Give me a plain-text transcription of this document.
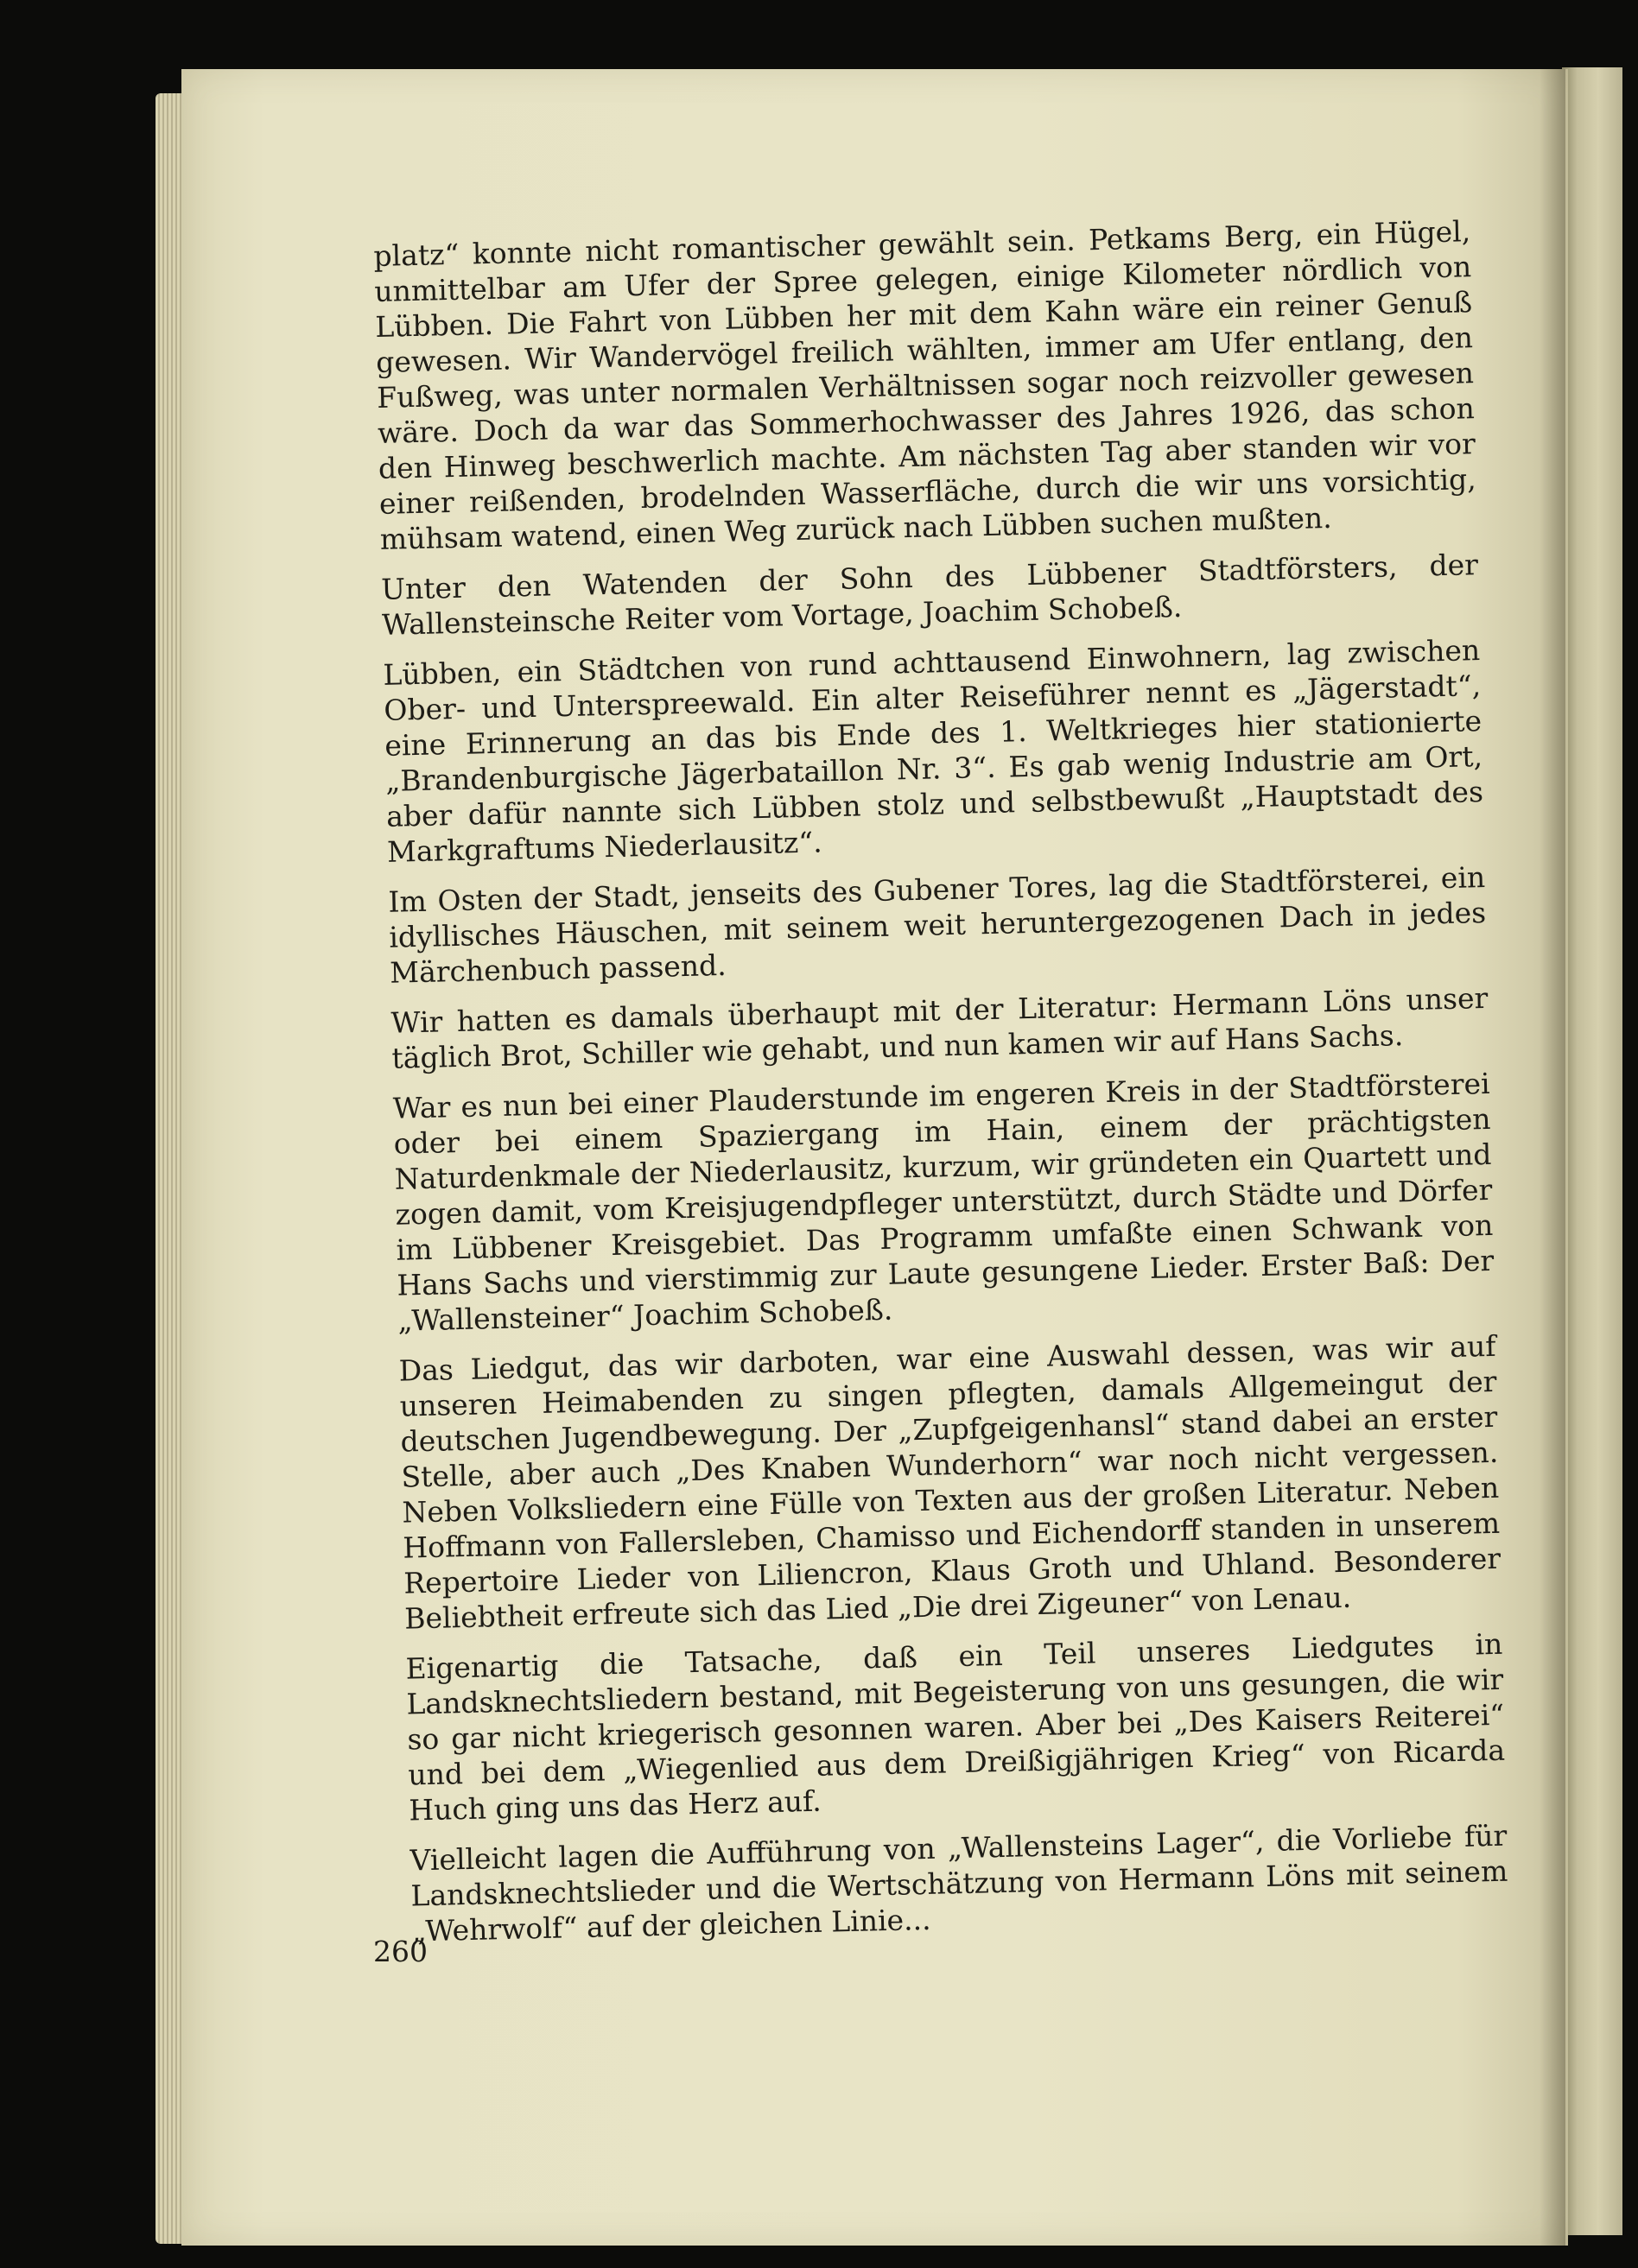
platz“ konnte nicht romantischer gewählt sein. Petkams Berg, ein Hügel, unmittelbar am Ufer der Spree gelegen, einige Kilometer nördlich von Lübben. Die Fahrt von Lübben her mit dem Kahn wäre ein reiner Genuß gewesen. Wir Wandervögel freilich wählten, immer am Ufer entlang, den Fußweg, was unter normalen Verhältnissen sogar noch reizvoller gewesen wäre. Doch da war das Sommerhochwasser des Jahres 1926, das schon den Hinweg beschwerlich machte. Am nächsten Tag aber standen wir vor einer reißenden, brodelnden Wasserfläche, durch die wir uns vorsichtig, mühsam watend, einen Weg zurück nach Lübben suchen mußten.

Unter den Watenden der Sohn des Lübbener Stadtförsters, der Wallensteinsche Reiter vom Vortage, Joachim Schobeß.

Lübben, ein Städtchen von rund achttausend Einwohnern, lag zwischen Ober- und Unterspreewald. Ein alter Reiseführer nennt es „Jägerstadt“, eine Erinnerung an das bis Ende des 1. Weltkrieges hier stationierte „Brandenburgische Jägerbataillon Nr. 3“. Es gab wenig Industrie am Ort, aber dafür nannte sich Lübben stolz und selbstbewußt „Hauptstadt des Markgraftums Niederlausitz“.

Im Osten der Stadt, jenseits des Gubener Tores, lag die Stadtförsterei, ein idyllisches Häuschen, mit seinem weit heruntergezogenen Dach in jedes Märchenbuch passend.

Wir hatten es damals überhaupt mit der Literatur: Hermann Löns unser täglich Brot, Schiller wie gehabt, und nun kamen wir auf Hans Sachs.

War es nun bei einer Plauderstunde im engeren Kreis in der Stadtförsterei oder bei einem Spaziergang im Hain, einem der prächtigsten Naturdenkmale der Niederlausitz, kurzum, wir gründeten ein Quartett und zogen damit, vom Kreisjugendpfleger unterstützt, durch Städte und Dörfer im Lübbener Kreisgebiet. Das Programm umfaßte einen Schwank von Hans Sachs und vierstimmig zur Laute gesungene Lieder. Erster Baß: Der „Wallensteiner“ Joachim Schobeß.

Das Liedgut, das wir darboten, war eine Auswahl dessen, was wir auf unseren Heimabenden zu singen pflegten, damals Allgemeingut der deutschen Jugendbewegung. Der „Zupfgeigenhansl“ stand dabei an erster Stelle, aber auch „Des Knaben Wunderhorn“ war noch nicht vergessen. Neben Volksliedern eine Fülle von Texten aus der großen Literatur. Neben Hoffmann von Fallersleben, Chamisso und Eichendorff standen in unserem Repertoire Lieder von Liliencron, Klaus Groth und Uhland. Besonderer Beliebtheit erfreute sich das Lied „Die drei Zigeuner“ von Lenau.

Eigenartig die Tatsache, daß ein Teil unseres Liedgutes in Landsknechtsliedern bestand, mit Begeisterung von uns gesungen, die wir so gar nicht kriegerisch gesonnen waren. Aber bei „Des Kaisers Reiterei“ und bei dem „Wiegenlied aus dem Dreißigjährigen Krieg“ von Ricarda Huch ging uns das Herz auf.

Vielleicht lagen die Aufführung von „Wallensteins Lager“, die Vorliebe für Landsknechtslieder und die Wertschätzung von Hermann Löns mit seinem „Wehrwolf“ auf der gleichen Linie...

260
